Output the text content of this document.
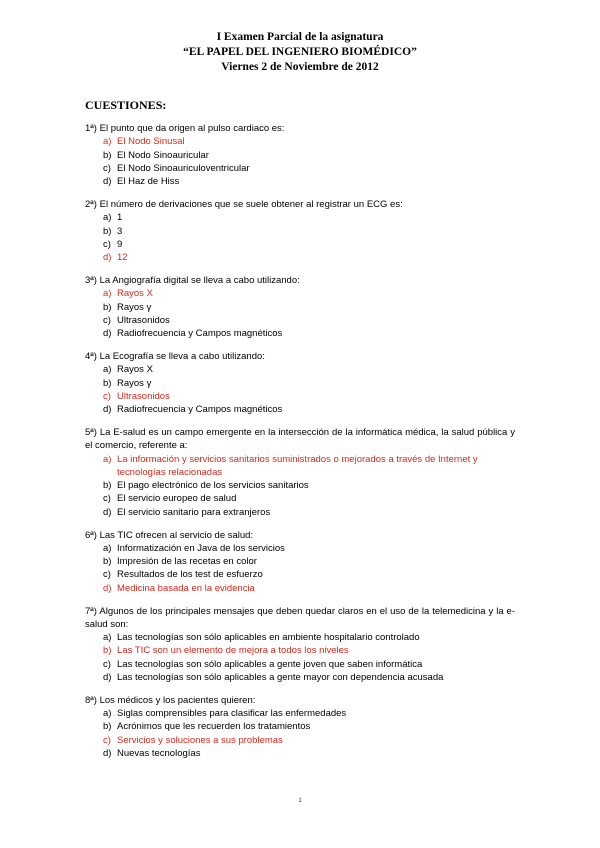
I Examen Parcial de la asignatura
“EL PAPEL DEL INGENIERO BIOMÉDICO”
Viernes 2 de Noviembre de 2012
CUESTIONES:
1ª) El punto que da origen al pulso cardiaco es:
a) El Nodo Sinusal
b) El Nodo Sinoauricular
c) El Nodo Sinoauriculoventricular
d) El Haz de Hiss
2ª) El número de derivaciones que se suele obtener al registrar un ECG es:
a) 1
b) 3
c) 9
d) 12
3ª) La Angiografía digital se lleva a cabo utilizando:
a) Rayos X
b) Rayos γ
c) Ultrasonidos
d) Radiofrecuencia y Campos magnéticos
4ª) La Ecografía se lleva a cabo utilizando:
a) Rayos X
b) Rayos γ
c) Ultrasonidos
d) Radiofrecuencia y Campos magnéticos
5ª) La E-salud es un campo emergente en la intersección de la informática médica, la salud pública y el comercio, referente a:
a) La información y servicios sanitarios suministrados o mejorados a través de Internet y tecnologías relacionadas
b) El pago electrónico de los servicios sanitarios
c) El servicio europeo de salud
d) El servicio sanitario para extranjeros
6ª) Las TIC ofrecen al servicio de salud:
a) Informatización en Java de los servicios
b) Impresión de las recetas en color
c) Resultados de los test de esfuerzo
d) Medicina basada en la evidencia
7ª) Algunos de los principales mensajes que deben quedar claros en el uso de la telemedicina y la e-salud son:
a) Las tecnologías son sólo aplicables en ambiente hospitalario controlado
b) Las TIC son un elemento de mejora a todos los niveles
c) Las tecnologías son sólo aplicables a gente joven que saben informática
d) Las tecnologías son sólo aplicables a gente mayor con dependencia acusada
8ª) Los médicos y los pacientes quieren:
a) Siglas comprensibles para clasificar las enfermedades
b) Acrónimos que les recuerden los tratamientos
c) Servicios y soluciones a sus problemas
d) Nuevas tecnologías
1
